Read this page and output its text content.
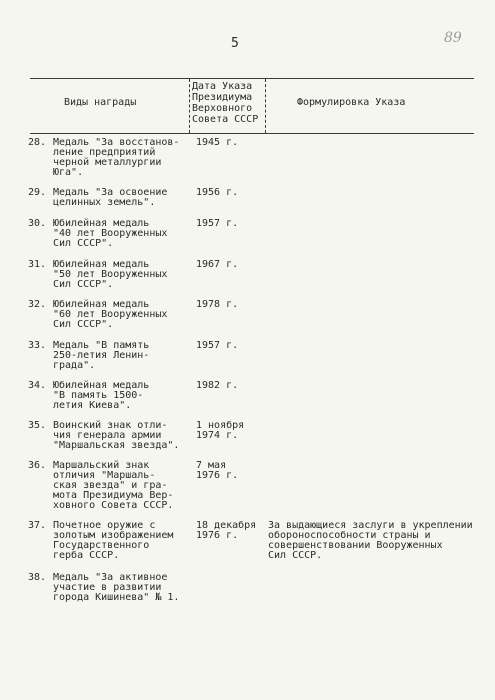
5	89
Виды награды
Дата Указа
Президиума
Верховного
Совета СССР
Формулировка Указа
28. Медаль "За восстанов-
ление предприятий
черной металлургии
Юга".
1945 г.
29. Медаль "За освоение
целинных земель".
1956 г.
30. Юбилейная медаль
"40 лет Вооруженных
Сил СССР".
1957 г.
31. Юбилейная медаль
"50 лет Вооруженных
Сил СССР".
1967 г.
32. Юбилейная медаль
"60 лет Вооруженных
Сил СССР".
1978 г.
33. Медаль "В память
250-летия Ленин-
града".
1957 г.
34. Юбилейная медаль
"В память 1500-
летия Киева".
1982 г.
35. Воинский знак отли-
чия генерала армии
"Маршальская звезда".
1 ноября
1974 г.
36. Маршальский знак
отличия "Маршаль-
ская звезда" и гра-
мота Президиума Вер-
ховного Совета СССР.
7 мая
1976 г.
37. Почетное оружие с
золотым изображением
Государственного
герба СССР.
18 декабря
1976 г.
За выдающиеся заслуги в укреплении
обороноспособности страны и
совершенствовании Вооруженных
Сил СССР.
38. Медаль "За активное
участие в развитии
города Кишинева" № 1.
